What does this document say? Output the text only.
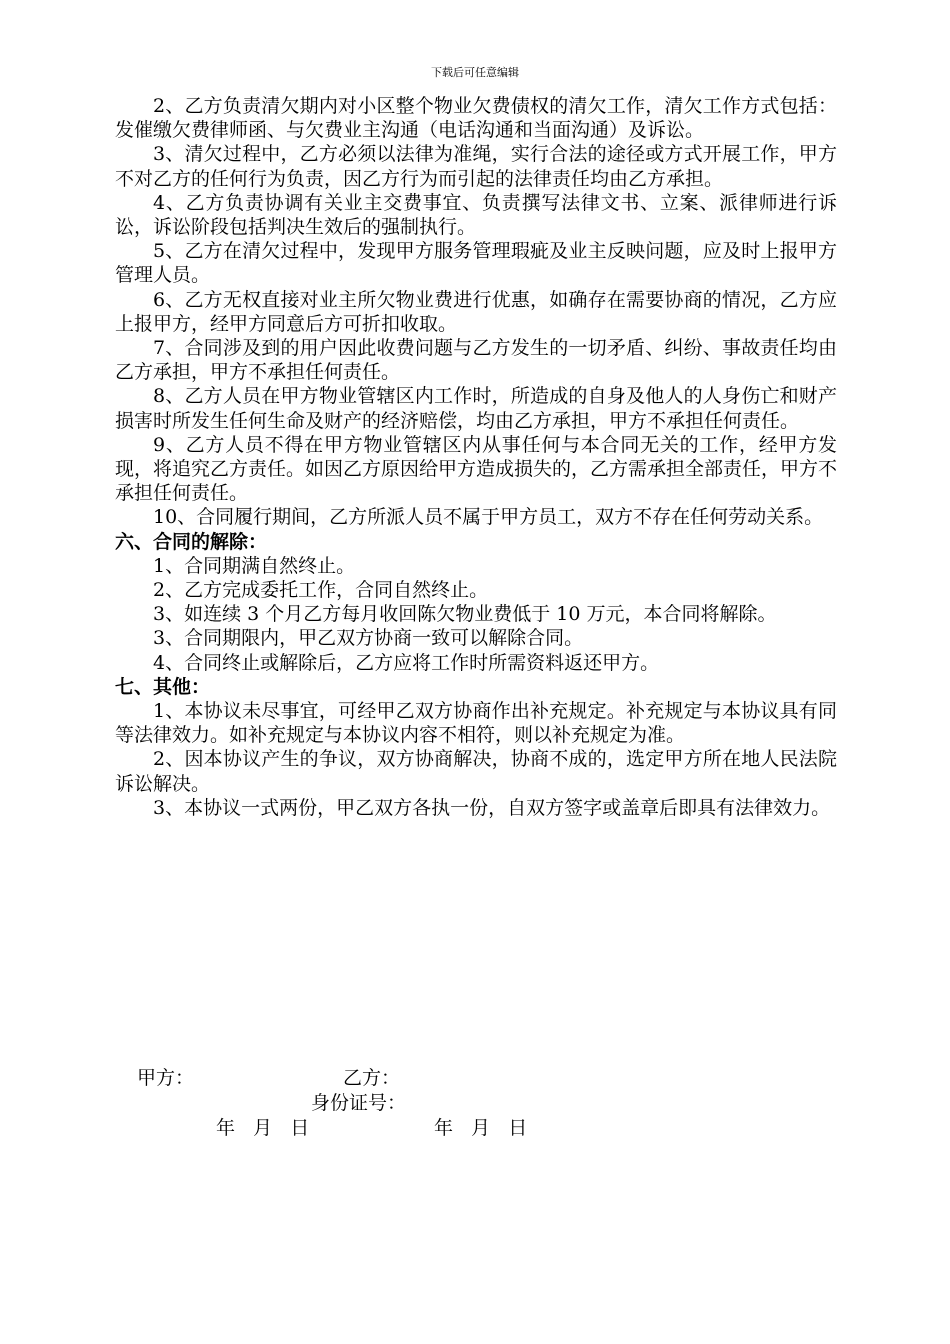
下载后可任意编辑

2、乙方负责清欠期内对小区整个物业欠费债权的清欠工作，清欠工作方式包括：发催缴欠费律师函、与欠费业主沟通（电话沟通和当面沟通）及诉讼。

3、清欠过程中，乙方必须以法律为准绳，实行合法的途径或方式开展工作，甲方不对乙方的任何行为负责，因乙方行为而引起的法律责任均由乙方承担。

4、乙方负责协调有关业主交费事宜、负责撰写法律文书、立案、派律师进行诉讼，诉讼阶段包括判决生效后的强制执行。

5、乙方在清欠过程中，发现甲方服务管理瑕疵及业主反映问题，应及时上报甲方管理人员。

6、乙方无权直接对业主所欠物业费进行优惠，如确存在需要协商的情况，乙方应上报甲方，经甲方同意后方可折扣收取。

7、合同涉及到的用户因此收费问题与乙方发生的一切矛盾、纠纷、事故责任均由乙方承担，甲方不承担任何责任。

8、乙方人员在甲方物业管辖区内工作时，所造成的自身及他人的人身伤亡和财产损害时所发生任何生命及财产的经济赔偿，均由乙方承担，甲方不承担任何责任。

9、乙方人员不得在甲方物业管辖区内从事任何与本合同无关的工作，经甲方发现，将追究乙方责任。如因乙方原因给甲方造成损失的，乙方需承担全部责任，甲方不承担任何责任。

10、合同履行期间，乙方所派人员不属于甲方员工，双方不存在任何劳动关系。

六、合同的解除：

1、合同期满自然终止。

2、乙方完成委托工作，合同自然终止。

3、如连续 3 个月乙方每月收回陈欠物业费低于 10 万元，本合同将解除。

3、合同期限内，甲乙双方协商一致可以解除合同。

4、合同终止或解除后，乙方应将工作时所需资料返还甲方。

七、其他：

1、本协议未尽事宜，可经甲乙双方协商作出补充规定。补充规定与本协议具有同等法律效力。如补充规定与本协议内容不相符，则以补充规定为准。

2、因本协议产生的争议，双方协商解决，协商不成的，选定甲方所在地人民法院诉讼解决。

3、本协议一式两份，甲乙双方各执一份，自双方签字或盖章后即具有法律效力。

甲方：	乙方：
身份证号：
年   月   日	年   月   日
